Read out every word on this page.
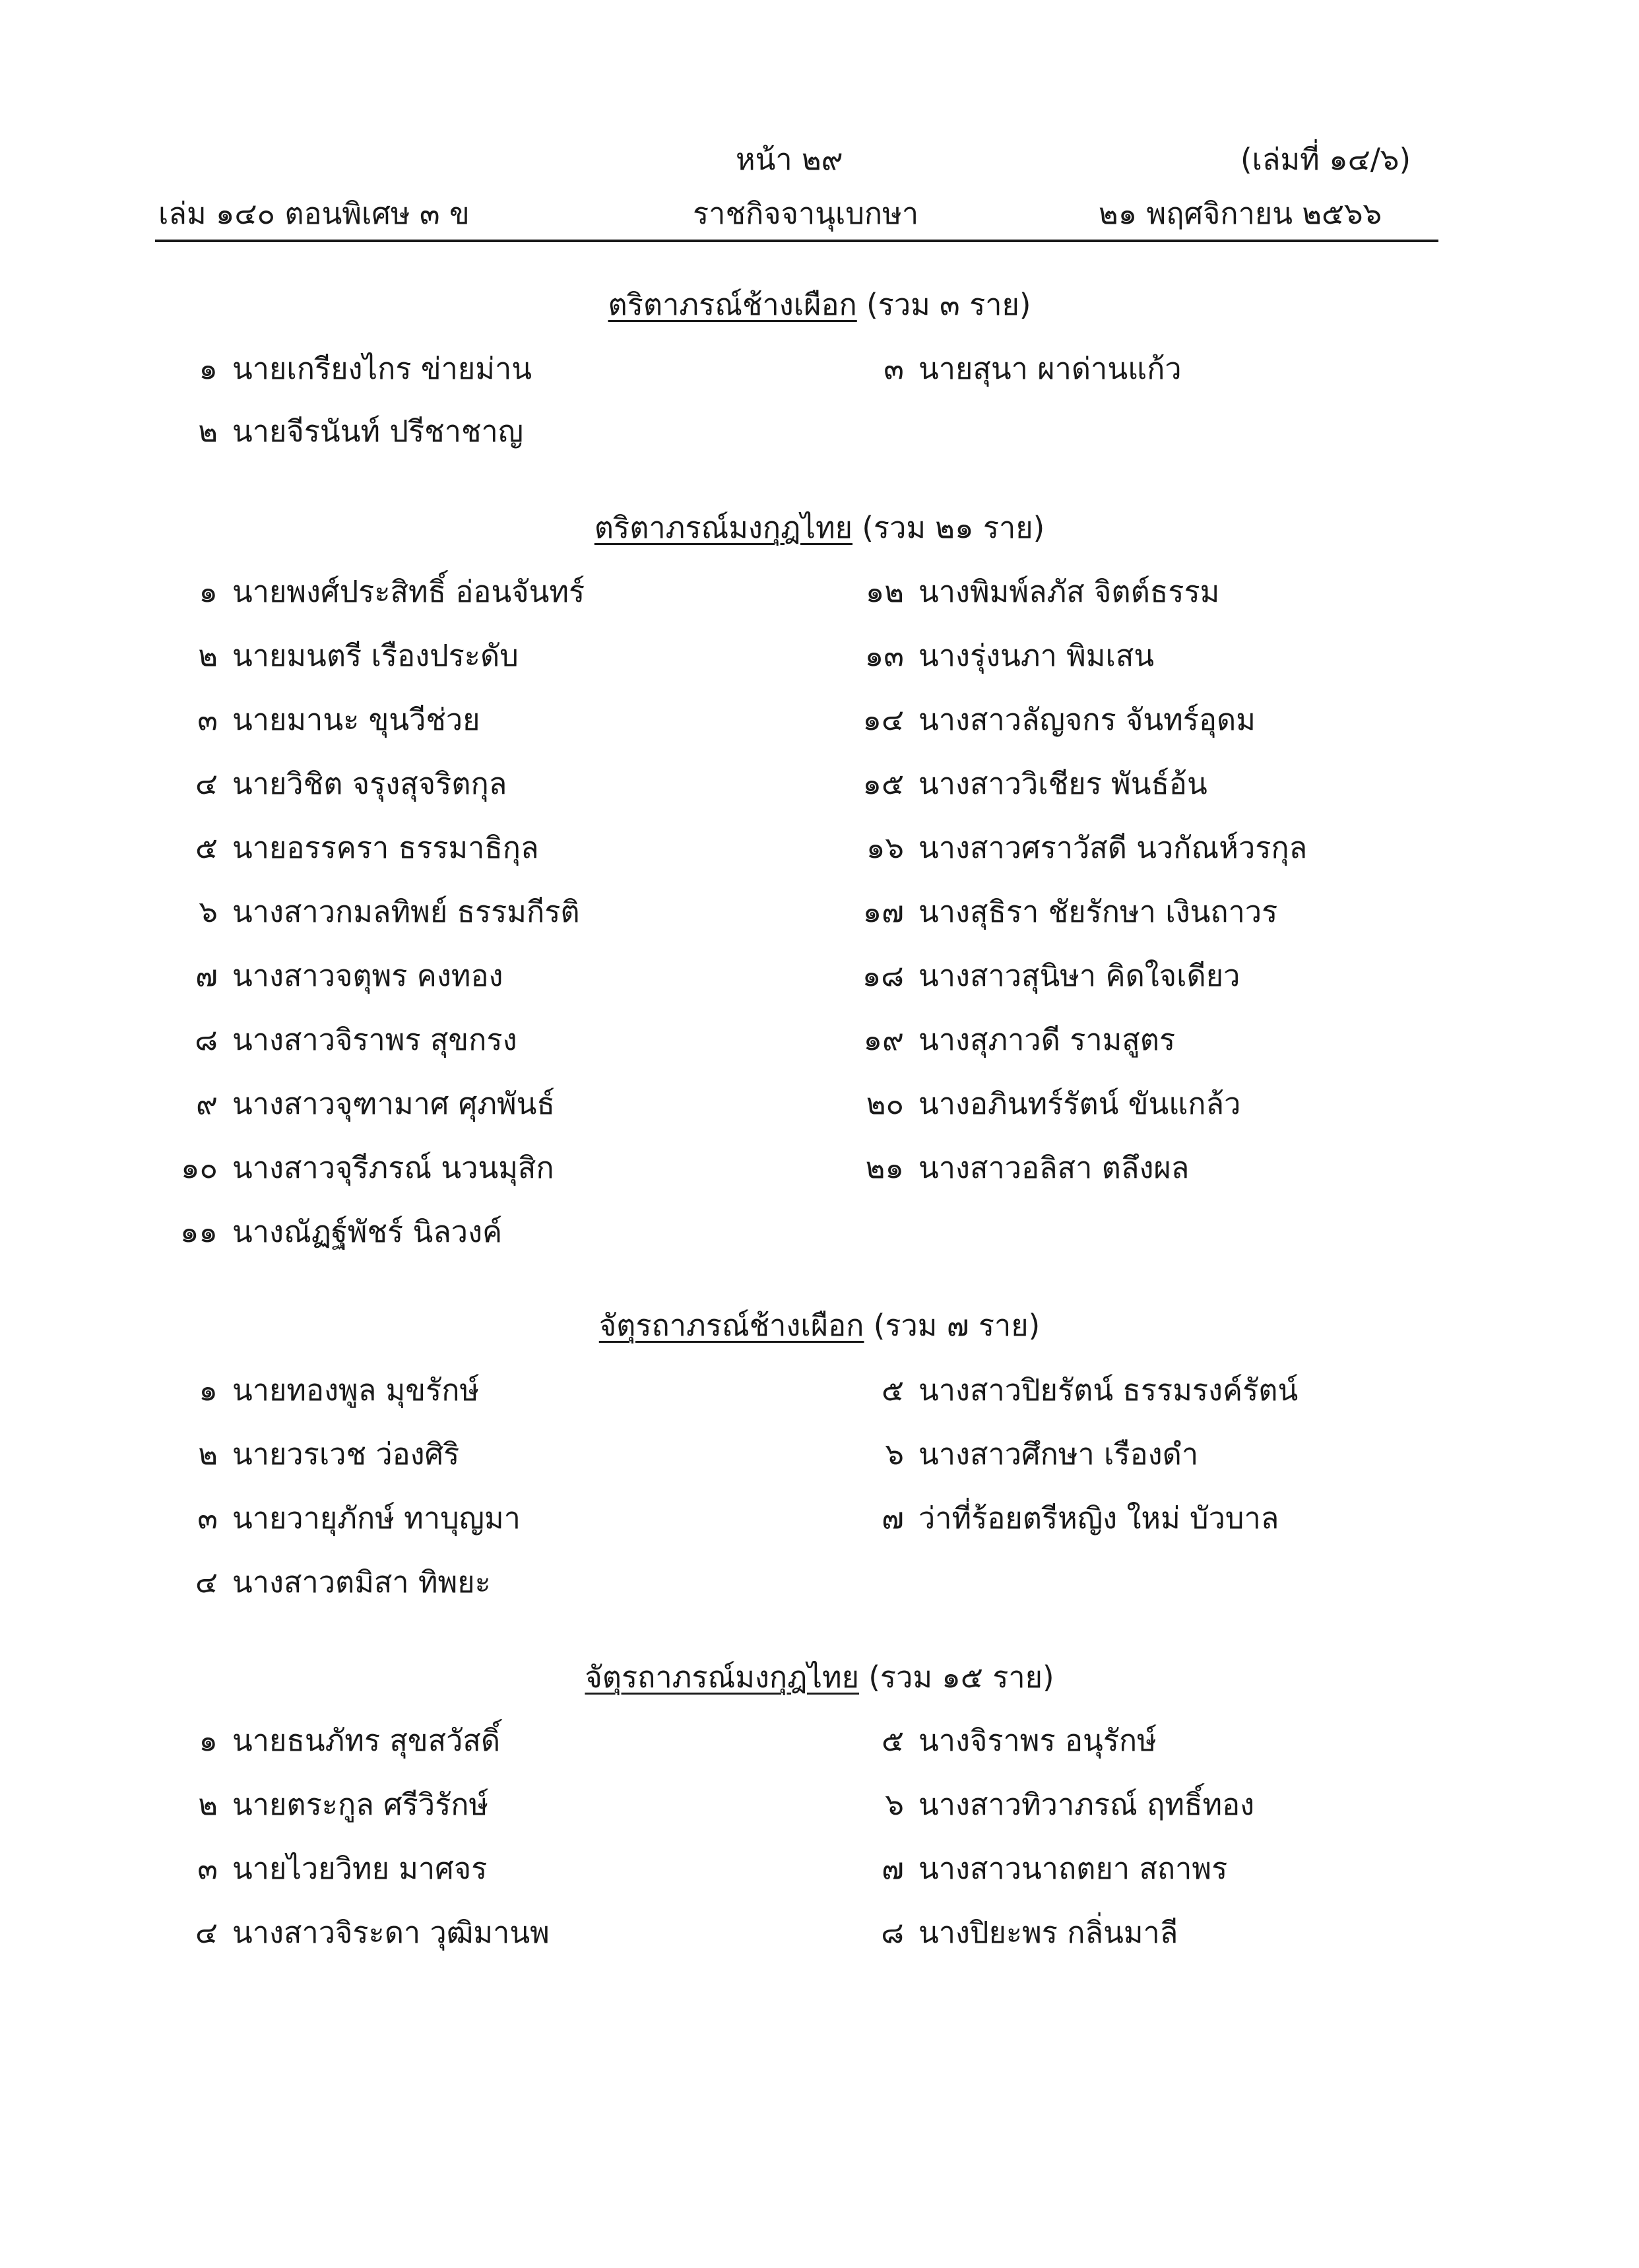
หน้า ๒๙	(เล่มที่ ๑๔/๖)
เล่ม ๑๔๐ ตอนพิเศษ ๓ ข	ราชกิจจานุเบกษา	๒๑ พฤศจิกายน ๒๕๖๖
ตริตาภรณ์ช้างเผือก (รวม ๓ ราย)
ตริตาภรณ์มงกุฎไทย (รวม ๒๑ ราย)
จัตุรถาภรณ์ช้างเผือก (รวม ๗ ราย)
จัตุรถาภรณ์มงกุฎไทย (รวม ๑๕ ราย)
๑ นายเกรียงไกร ข่ายม่าน
๒ นายจีรนันท์ ปรีชาชาญ
๓ นายสุนา ผาด่านแก้ว
๑ นายพงศ์ประสิทธิ์ อ่อนจันทร์
๒ นายมนตรี เรืองประดับ
๓ นายมานะ ขุนวีช่วย
๔ นายวิชิต จรุงสุจริตกุล
๕ นายอรรครา ธรรมาธิกุล
๖ นางสาวกมลทิพย์ ธรรมกีรติ
๗ นางสาวจตุพร คงทอง
๘ นางสาวจิราพร สุขกรง
๙ นางสาวจุฑามาศ ศุภพันธ์
๑๐ นางสาวจุรีภรณ์ นวนมุสิก
๑๑ นางณัฏฐ์พัชร์ นิลวงค์
๑๒ นางพิมพ์ลภัส จิตต์ธรรม
๑๓ นางรุ่งนภา พิมเสน
๑๔ นางสาวลัญจกร จันทร์อุดม
๑๕ นางสาววิเชียร พันธ์อ้น
๑๖ นางสาวศราวัสดี นวกัณห์วรกุล
๑๗ นางสุธิรา ชัยรักษา เงินถาวร
๑๘ นางสาวสุนิษา คิดใจเดียว
๑๙ นางสุภาวดี รามสูตร
๒๐ นางอภินทร์รัตน์ ขันแกล้ว
๒๑ นางสาวอลิสา ตลึงผล
๑ นายทองพูล มุขรักษ์
๒ นายวรเวช ว่องศิริ
๓ นายวายุภักษ์ ทาบุญมา
๔ นางสาวตมิสา ทิพยะ
๕ นางสาวปิยรัตน์ ธรรมรงค์รัตน์
๖ นางสาวศึกษา เรืองดำ
๗ ว่าที่ร้อยตรีหญิง ใหม่ บัวบาล
๑ นายธนภัทร สุขสวัสดิ์
๒ นายตระกูล ศรีวิรักษ์
๓ นายไวยวิทย มาศจร
๔ นางสาวจิระดา วุฒิมานพ
๕ นางจิราพร อนุรักษ์
๖ นางสาวทิวาภรณ์ ฤทธิ์ทอง
๗ นางสาวนาถตยา สถาพร
๘ นางปิยะพร กลิ่นมาลี
